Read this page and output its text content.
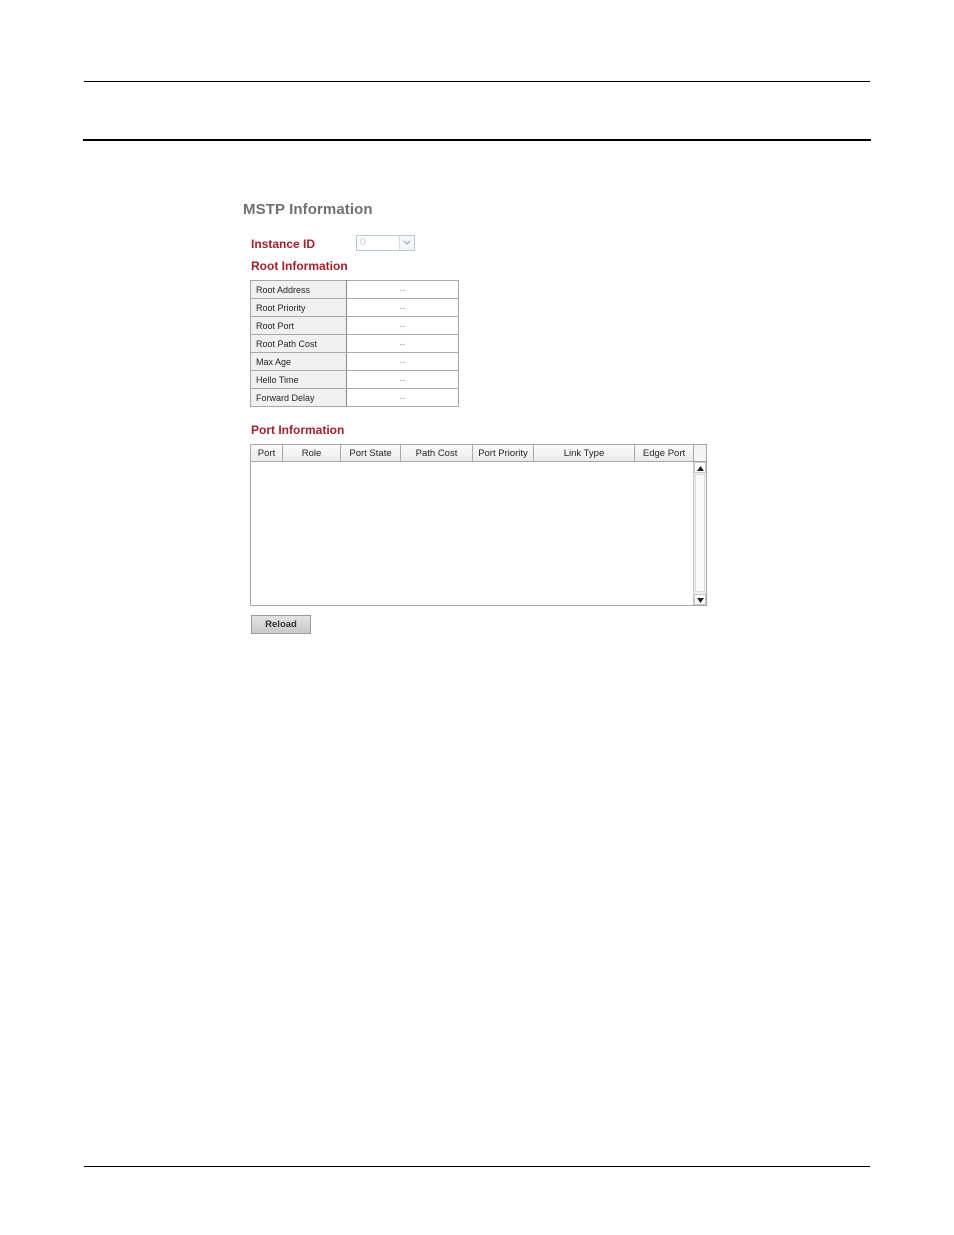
MSTP Information
Instance ID	0
Root Information
Root Address	--
Root Priority	--
Root Port	--
Root Path Cost	--
Max Age	--
Hello Time	--
Forward Delay	--
Port Information
Port	Role	Port State	Path Cost	Port Priority	Link Type	Edge Port
Reload
